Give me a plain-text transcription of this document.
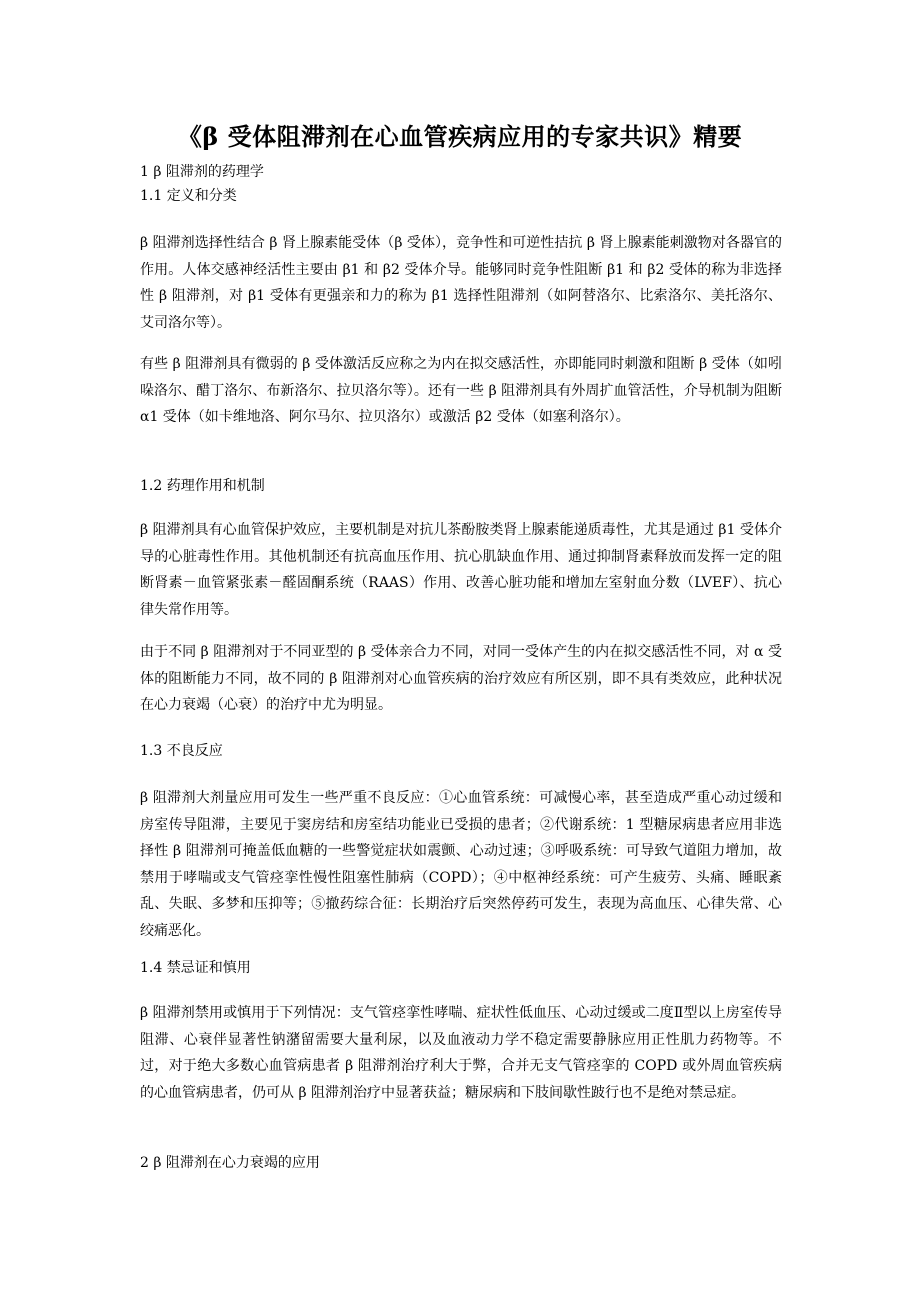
《β 受体阻滞剂在心血管疾病应用的专家共识》精要

1 β 阻滞剂的药理学

1.1 定义和分类

β 阻滞剂选择性结合 β 肾上腺素能受体（β 受体），竞争性和可逆性拮抗 β 肾上腺素能刺激物对各器官的作用。人体交感神经活性主要由 β1 和 β2 受体介导。能够同时竞争性阻断 β1 和 β2 受体的称为非选择性 β 阻滞剂，对 β1 受体有更强亲和力的称为 β1 选择性阻滞剂（如阿替洛尔、比索洛尔、美托洛尔、艾司洛尔等）。

有些 β 阻滞剂具有微弱的 β 受体激活反应称之为内在拟交感活性，亦即能同时刺激和阻断 β 受体（如吲哚洛尔、醋丁洛尔、布新洛尔、拉贝洛尔等）。还有一些 β 阻滞剂具有外周扩血管活性，介导机制为阻断 α1 受体（如卡维地洛、阿尔马尔、拉贝洛尔）或激活 β2 受体（如塞利洛尔）。

1.2 药理作用和机制

β 阻滞剂具有心血管保护效应，主要机制是对抗儿茶酚胺类肾上腺素能递质毒性，尤其是通过 β1 受体介导的心脏毒性作用。其他机制还有抗高血压作用、抗心肌缺血作用、通过抑制肾素释放而发挥一定的阻断肾素－血管紧张素－醛固酮系统（RAAS）作用、改善心脏功能和增加左室射血分数（LVEF）、抗心律失常作用等。

由于不同 β 阻滞剂对于不同亚型的 β 受体亲合力不同，对同一受体产生的内在拟交感活性不同，对 α 受体的阻断能力不同，故不同的 β 阻滞剂对心血管疾病的治疗效应有所区别，即不具有类效应，此种状况在心力衰竭（心衰）的治疗中尤为明显。

1.3 不良反应

β 阻滞剂大剂量应用可发生一些严重不良反应：①心血管系统：可减慢心率，甚至造成严重心动过缓和房室传导阻滞，主要见于窦房结和房室结功能业已受损的患者；②代谢系统：1 型糖尿病患者应用非选择性 β 阻滞剂可掩盖低血糖的一些警觉症状如震颤、心动过速；③呼吸系统：可导致气道阻力增加，故禁用于哮喘或支气管痉挛性慢性阻塞性肺病（COPD）；④中枢神经系统：可产生疲劳、头痛、睡眠紊乱、失眠、多梦和压抑等；⑤撤药综合征：长期治疗后突然停药可发生，表现为高血压、心律失常、心绞痛恶化。

1.4 禁忌证和慎用

β 阻滞剂禁用或慎用于下列情况：支气管痉挛性哮喘、症状性低血压、心动过缓或二度Ⅱ型以上房室传导阻滞、心衰伴显著性钠潴留需要大量利尿，以及血液动力学不稳定需要静脉应用正性肌力药物等。不过，对于绝大多数心血管病患者 β 阻滞剂治疗利大于弊，合并无支气管痉挛的 COPD 或外周血管疾病的心血管病患者，仍可从 β 阻滞剂治疗中显著获益；糖尿病和下肢间歇性跛行也不是绝对禁忌症。

2 β 阻滞剂在心力衰竭的应用
